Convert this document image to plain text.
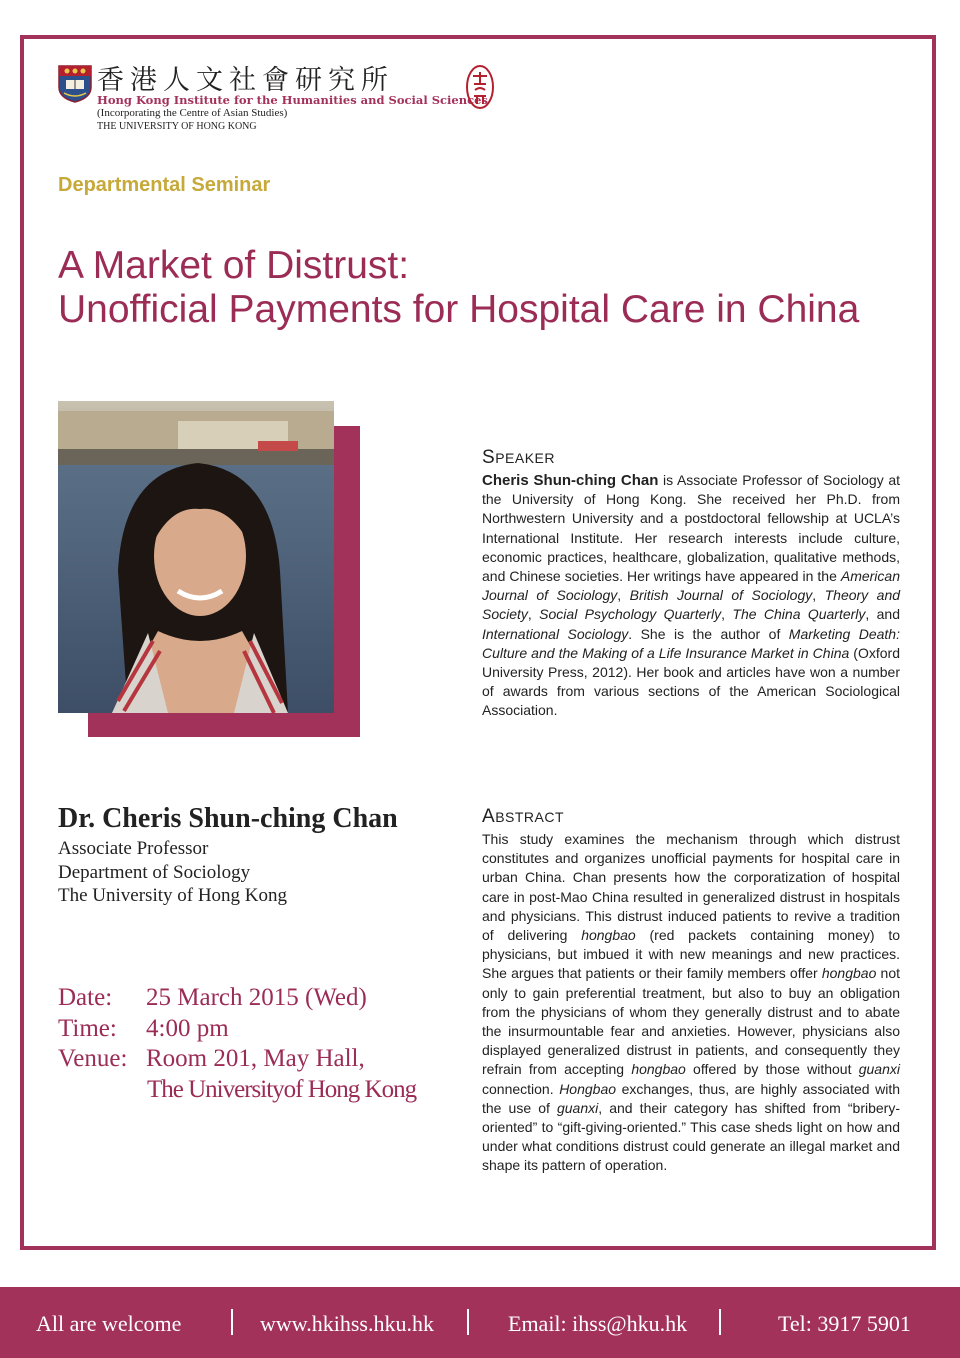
香港人文社會研究所
Hong Kong Institute for the Humanities and Social Sciences
(Incorporating the Centre of Asian Studies)
THE UNIVERSITY OF HONG KONG
Departmental Seminar
A Market of Distrust:
Unofficial Payments for Hospital Care in China
SPEAKER
Cheris Shun-ching Chan is Associate Professor of Sociology at the University of Hong Kong. She received her Ph.D. from Northwestern University and a postdoctoral fellowship at UCLA’s International Institute. Her research interests include culture, economic practices, healthcare, globalization, qualitative methods, and Chinese societies. Her writings have appeared in the American Journal of Sociology, British Journal of Sociology, Theory and Society, Social Psychology Quarterly, The China Quarterly, and International Sociology. She is the author of Marketing Death: Culture and the Making of a Life Insurance Market in China (Oxford University Press, 2012). Her book and articles have won a number of awards from various sections of the American Sociological Association.
Dr. Cheris Shun-ching Chan
Associate Professor
Department of Sociology
The University of Hong Kong
Date: 25 March 2015 (Wed)
Time: 4:00 pm
Venue: Room 201, May Hall,
The Universityof Hong Kong
ABSTRACT
This study examines the mechanism through which distrust constitutes and organizes unofficial payments for hospital care in urban China. Chan presents how the corporatization of hospital care in post-Mao China resulted in generalized distrust in hospitals and physicians. This distrust induced patients to revive a tradition of delivering hongbao (red packets containing money) to physicians, but imbued it with new meanings and new practices. She argues that patients or their family members offer hongbao not only to gain preferential treatment, but also to buy an obligation from the physicians of whom they generally distrust and to abate the insurmountable fear and anxieties. However, physicians also displayed generalized distrust in patients, and consequently they refrain from accepting hongbao offered by those without guanxi connection. Hongbao exchanges, thus, are highly associated with the use of guanxi, and their category has shifted from “bribery-oriented” to “gift-giving-oriented.” This case sheds light on how and under what conditions distrust could generate an illegal market and shape its pattern of operation.
All are welcome	www.hkihss.hku.hk	Email: ihss@hku.hk	Tel: 3917 5901
